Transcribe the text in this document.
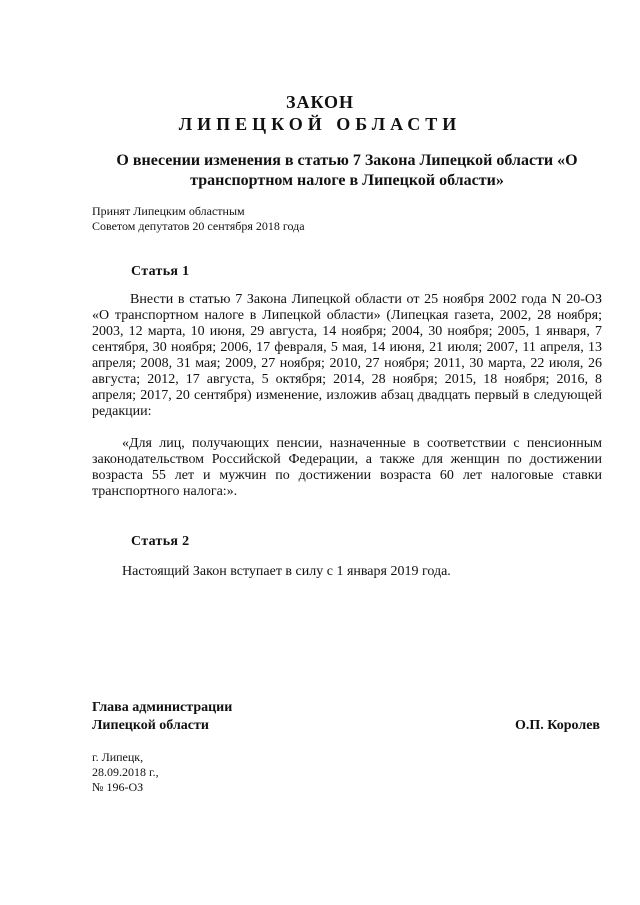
ЗАКОН
ЛИПЕЦКОЙ ОБЛАСТИ
О внесении изменения в статью 7 Закона Липецкой области «О транспортном налоге в Липецкой области»
Принят Липецким областным
Советом депутатов 20 сентября 2018 года
Статья 1
Внести в статью 7 Закона Липецкой области от 25 ноября 2002 года N 20-ОЗ «О транспортном налоге в Липецкой области» (Липецкая газета, 2002, 28 ноября; 2003, 12 марта, 10 июня, 29 августа, 14 ноября; 2004, 30 ноября; 2005, 1 января, 7 сентября, 30 ноября; 2006, 17 февраля, 5 мая, 14 июня, 21 июля; 2007, 11 апреля, 13 апреля; 2008, 31 мая; 2009, 27 ноября; 2010, 27 ноября; 2011, 30 марта, 22 июля, 26 августа; 2012, 17 августа, 5 октября; 2014, 28 ноября; 2015, 18 ноября; 2016, 8 апреля; 2017, 20 сентября) изменение, изложив абзац двадцать первый в следующей редакции:
«Для лиц, получающих пенсии, назначенные в соответствии с пенсионным законодательством Российской Федерации, а также для женщин по достижении возраста 55 лет и мужчин по достижении возраста 60 лет налоговые ставки транспортного налога:».
Статья 2
Настоящий Закон вступает в силу с 1 января 2019 года.
Глава администрации
Липецкой области	О.П. Королев
г. Липецк,
28.09.2018 г.,
№ 196-ОЗ
